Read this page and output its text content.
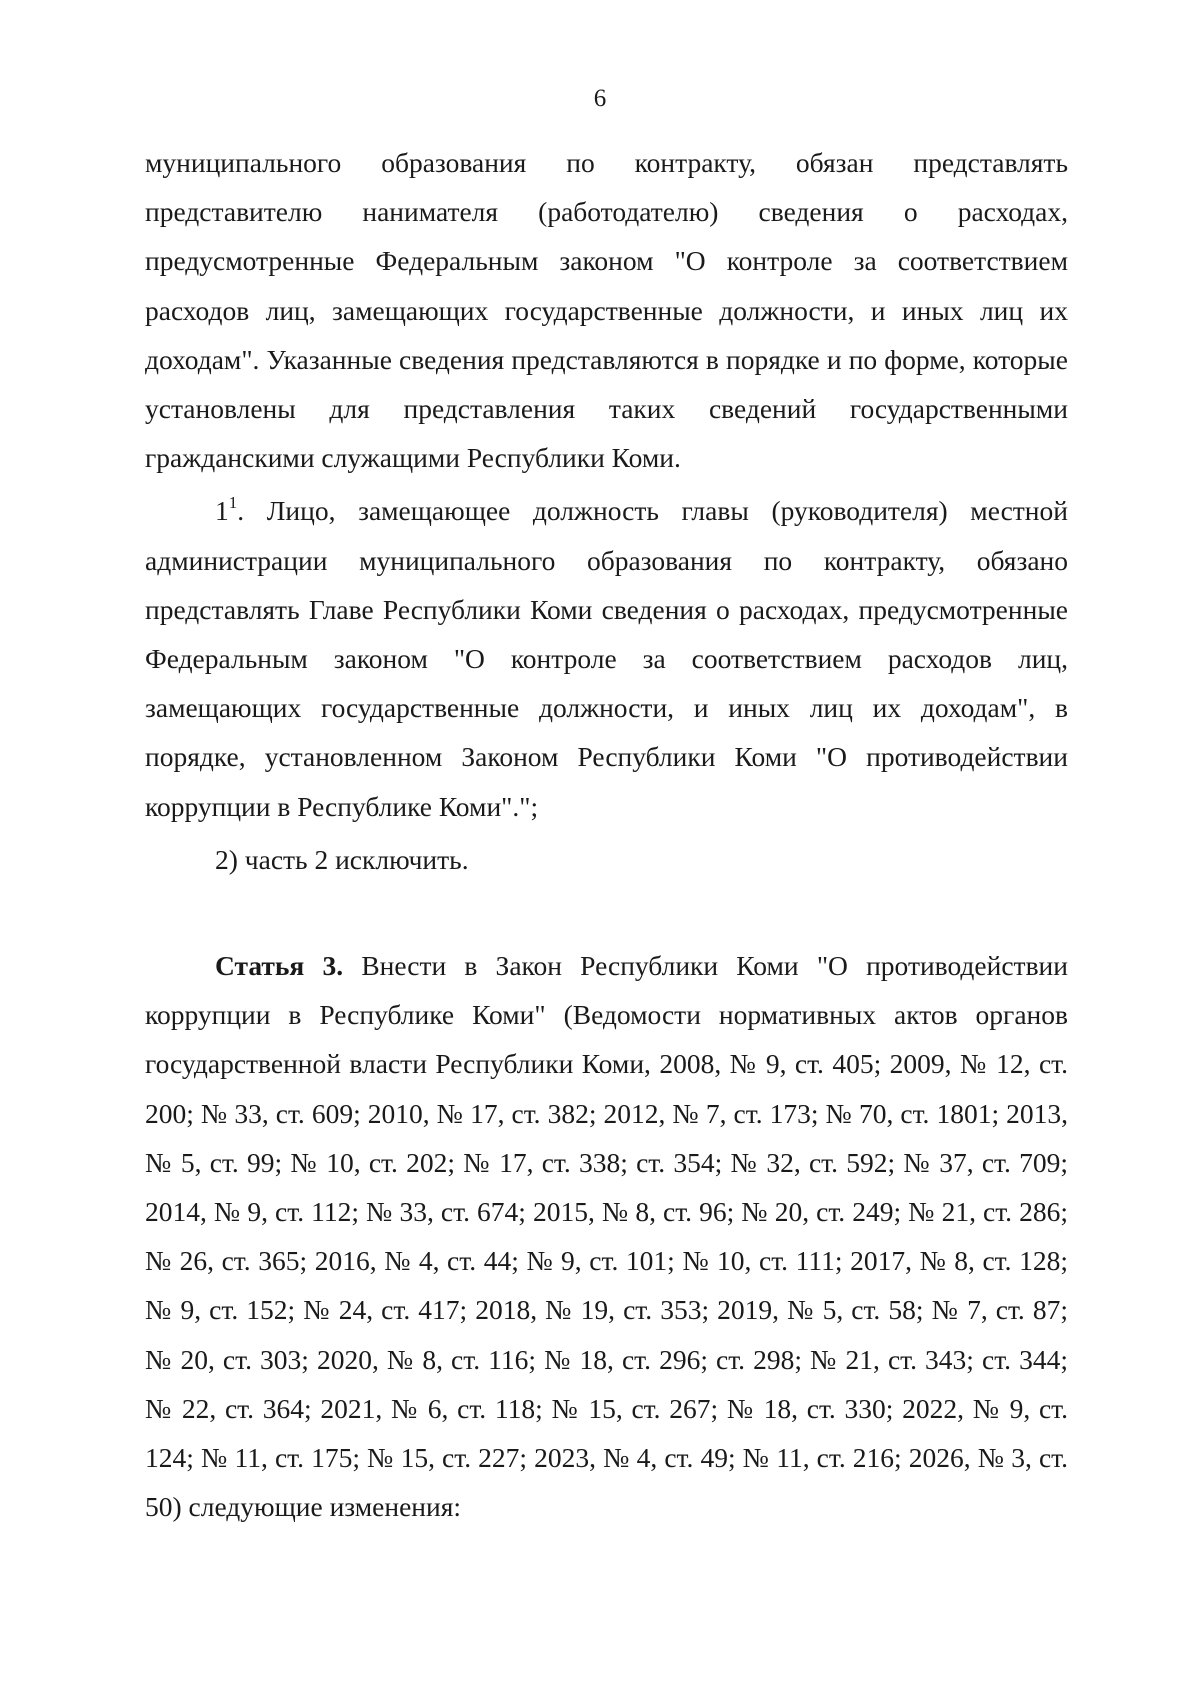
6

муниципального образования по контракту, обязан представлять представителю нанимателя (работодателю) сведения о расходах, предусмотренные Федеральным законом "О контроле за соответствием расходов лиц, замещающих государственные должности, и иных лиц их доходам". Указанные сведения представляются в порядке и по форме, которые установлены для представления таких сведений государственными гражданскими служащими Республики Коми.

$1^1$. Лицо, замещающее должность главы (руководителя) местной администрации муниципального образования по контракту, обязано представлять Главе Республики Коми сведения о расходах, предусмотренные Федеральным законом "О контроле за соответствием расходов лиц, замещающих государственные должности, и иных лиц их доходам", в порядке, установленном Законом Республики Коми "О противодействии коррупции в Республике Коми".";

2) часть 2 исключить.

Статья 3. Внести в Закон Республики Коми "О противодействии коррупции в Республике Коми" (Ведомости нормативных актов органов государственной власти Республики Коми, 2008, № 9, ст. 405; 2009, № 12, ст. 200; № 33, ст. 609; 2010, № 17, ст. 382; 2012, № 7, ст. 173; № 70, ст. 1801; 2013, № 5, ст. 99; № 10, ст. 202; № 17, ст. 338; ст. 354; № 32, ст. 592; № 37, ст. 709; 2014, № 9, ст. 112; № 33, ст. 674; 2015, № 8, ст. 96; № 20, ст. 249; № 21, ст. 286; № 26, ст. 365; 2016, № 4, ст. 44; № 9, ст. 101; № 10, ст. 111; 2017, № 8, ст. 128; № 9, ст. 152; № 24, ст. 417; 2018, № 19, ст. 353; 2019, № 5, ст. 58; № 7, ст. 87; № 20, ст. 303; 2020, № 8, ст. 116; № 18, ст. 296; ст. 298; № 21, ст. 343; ст. 344; № 22, ст. 364; 2021, № 6, ст. 118; № 15, ст. 267; № 18, ст. 330; 2022, № 9, ст. 124; № 11, ст. 175; № 15, ст. 227; 2023, № 4, ст. 49; № 11, ст. 216; 2026, № 3, ст. 50) следующие изменения:
